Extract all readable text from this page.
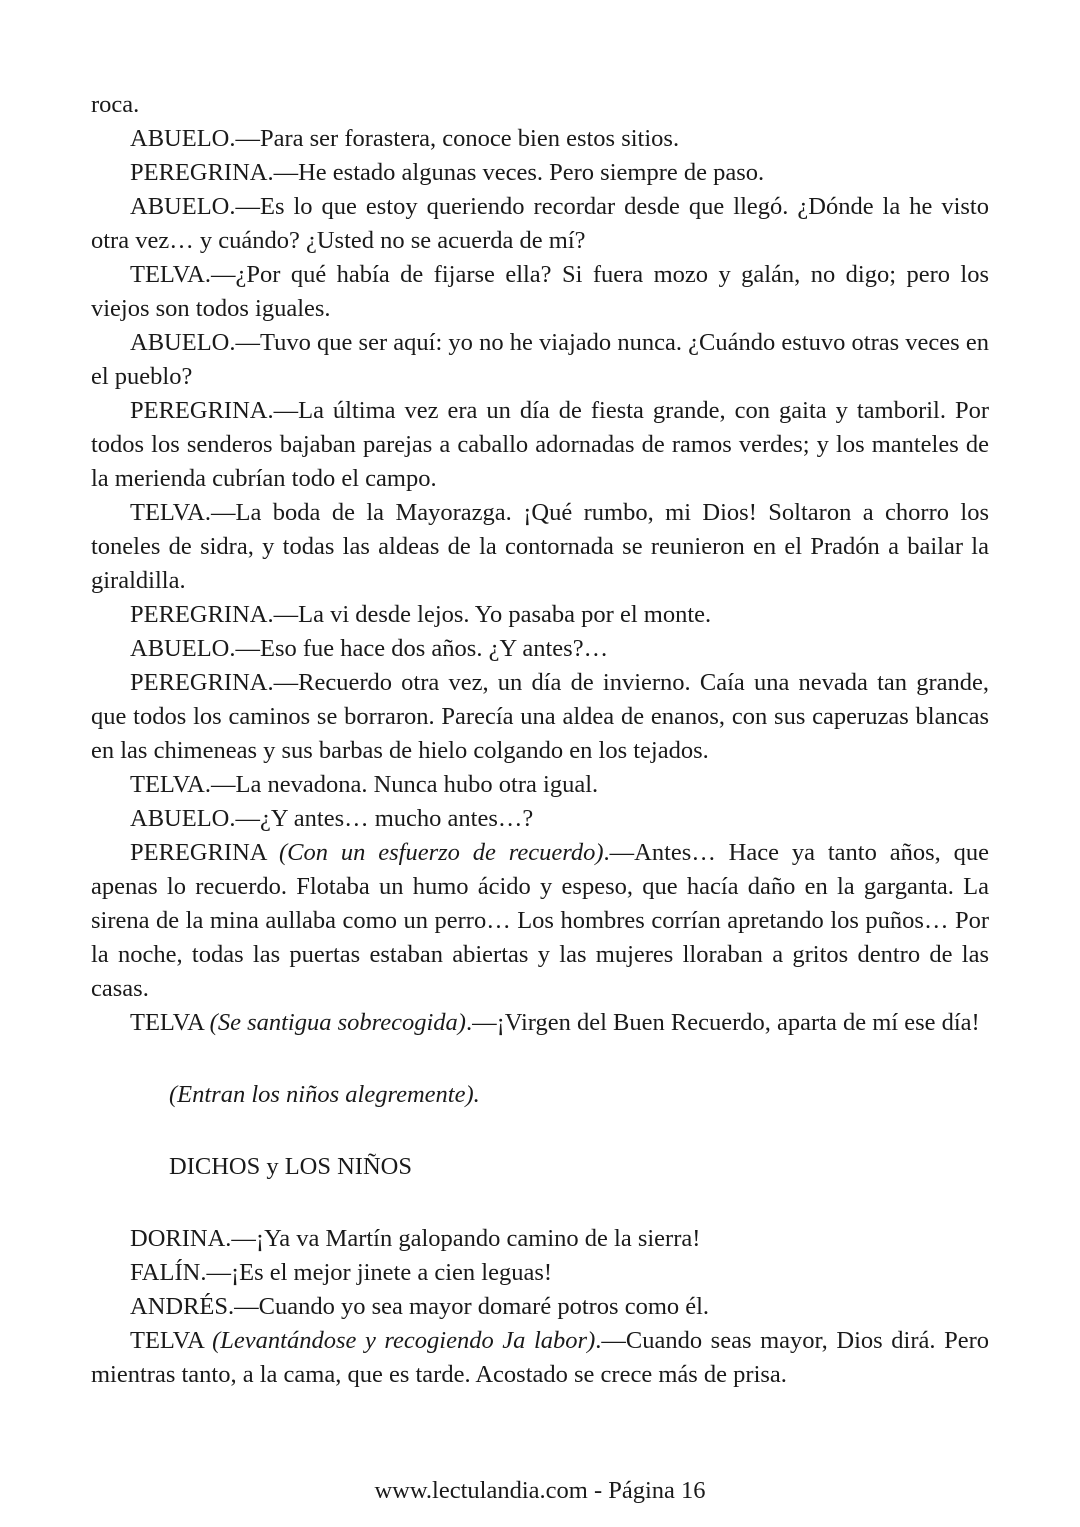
roca.

ABUELO.—Para ser forastera, conoce bien estos sitios.

PEREGRINA.—He estado algunas veces. Pero siempre de paso.

ABUELO.—Es lo que estoy queriendo recordar desde que llegó. ¿Dónde la he visto otra vez… y cuándo? ¿Usted no se acuerda de mí?

TELVA.—¿Por qué había de fijarse ella? Si fuera mozo y galán, no digo; pero los viejos son todos iguales.

ABUELO.—Tuvo que ser aquí: yo no he viajado nunca. ¿Cuándo estuvo otras veces en el pueblo?

PEREGRINA.—La última vez era un día de fiesta grande, con gaita y tamboril. Por todos los senderos bajaban parejas a caballo adornadas de ramos verdes; y los manteles de la merienda cubrían todo el campo.

TELVA.—La boda de la Mayorazga. ¡Qué rumbo, mi Dios! Soltaron a chorro los toneles de sidra, y todas las aldeas de la contornada se reunieron en el Pradón a bailar la giraldilla.

PEREGRINA.—La vi desde lejos. Yo pasaba por el monte.

ABUELO.—Eso fue hace dos años. ¿Y antes?…

PEREGRINA.—Recuerdo otra vez, un día de invierno. Caía una nevada tan grande, que todos los caminos se borraron. Parecía una aldea de enanos, con sus caperuzas blancas en las chimeneas y sus barbas de hielo colgando en los tejados.

TELVA.—La nevadona. Nunca hubo otra igual.

ABUELO.—¿Y antes… mucho antes…?

PEREGRINA (Con un esfuerzo de recuerdo).—Antes… Hace ya tanto años, que apenas lo recuerdo. Flotaba un humo ácido y espeso, que hacía daño en la garganta. La sirena de la mina aullaba como un perro… Los hombres corrían apretando los puños… Por la noche, todas las puertas estaban abiertas y las mujeres lloraban a gritos dentro de las casas.

TELVA (Se santigua sobrecogida).—¡Virgen del Buen Recuerdo, aparta de mí ese día!

(Entran los niños alegremente).

DICHOS y LOS NIÑOS

DORINA.—¡Ya va Martín galopando camino de la sierra!

FALÍN.—¡Es el mejor jinete a cien leguas!

ANDRÉS.—Cuando yo sea mayor domaré potros como él.

TELVA (Levantándose y recogiendo Ja labor).—Cuando seas mayor, Dios dirá. Pero mientras tanto, a la cama, que es tarde. Acostado se crece más de prisa.

www.lectulandia.com - Página 16
